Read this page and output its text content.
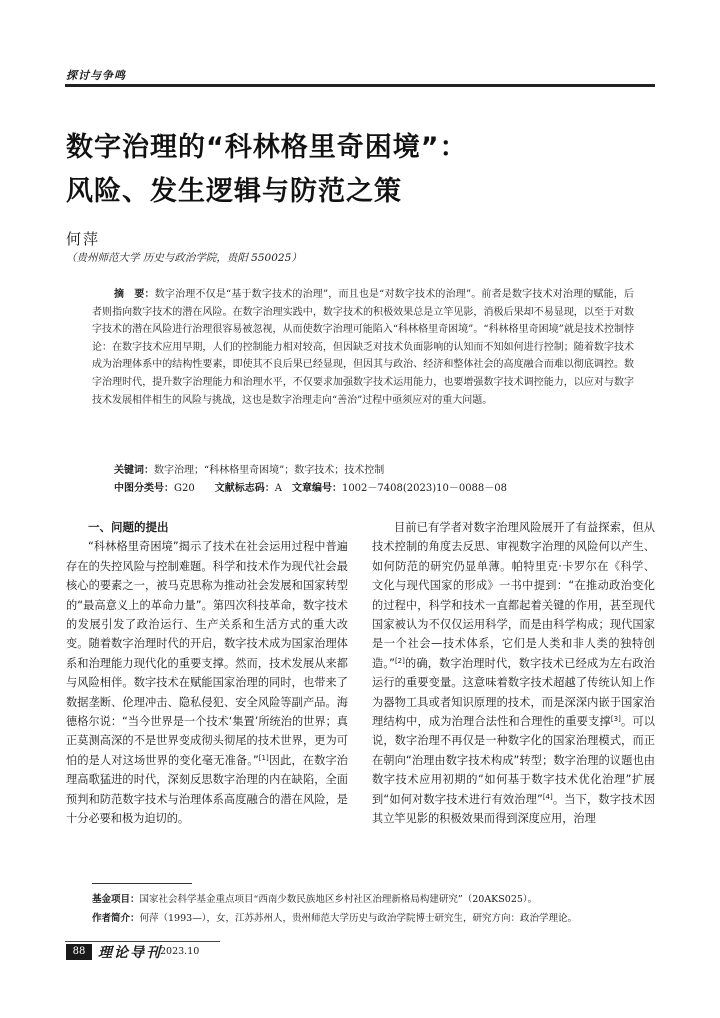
探讨与争鸣
数字治理的“科林格里奇困境”：
风险、发生逻辑与防范之策
何萍
（贵州师范大学 历史与政治学院，贵阳 550025）
摘　要：数字治理不仅是“基于数字技术的治理”，而且也是“对数字技术的治理”。前者是数字技术对治理的赋能，后者则指向数字技术的潜在风险。在数字治理实践中，数字技术的积极效果总是立竿见影，消极后果却不易显现，以至于对数字技术的潜在风险进行治理很容易被忽视，从而使数字治理可能陷入“科林格里奇困境”。“科林格里奇困境”就是技术控制悖论：在数字技术应用早期，人们的控制能力相对较高，但因缺乏对技术负面影响的认知而不知如何进行控制；随着数字技术成为治理体系中的结构性要素，即使其不良后果已经显现，但因其与政治、经济和整体社会的高度融合而难以彻底调控。数字治理时代，提升数字治理能力和治理水平，不仅要求加强数字技术运用能力，也要增强数字技术调控能力，以应对与数字技术发展相伴相生的风险与挑战，这也是数字治理走向“善治”过程中亟须应对的重大问题。
关键词：数字治理；“科林格里奇困境”；数字技术；技术控制
中图分类号：G20   文献标志码：A  文章编号：1002－7408(2023)10－0088－08

一、问题的提出

“科林格里奇困境”揭示了技术在社会运用过程中普遍存在的失控风险与控制难题。科学和技术作为现代社会最核心的要素之一，被马克思称为推动社会发展和国家转型的“最高意义上的革命力量”。第四次科技革命，数字技术的发展引发了政治运行、生产关系和生活方式的重大改变。随着数字治理时代的开启，数字技术成为国家治理体系和治理能力现代化的重要支撑。然而，技术发展从来都与风险相伴。数字技术在赋能国家治理的同时，也带来了数据垄断、伦理冲击、隐私侵犯、安全风险等副产品。海德格尔说：“当今世界是一个技术‘集置’所统治的世界；真正莫测高深的不是世界变成彻头彻尾的技术世界，更为可怕的是人对这场世界的变化毫无准备。”[1]因此，在数字治理高歌猛进的时代，深刻反思数字治理的内在缺陷，全面预判和防范数字技术与治理体系高度融合的潜在风险，是十分必要和极为迫切的。

目前已有学者对数字治理风险展开了有益探索，但从技术控制的角度去反思、审视数字治理的风险何以产生、如何防范的研究仍显单薄。帕特里克·卡罗尔在《科学、文化与现代国家的形成》一书中提到：“在推动政治变化的过程中，科学和技术一直都起着关键的作用，甚至现代国家被认为不仅仅运用科学，而是由科学构成；现代国家是一个社会—技术体系，它们是人类和非人类的独特创造。”[2]的确，数字治理时代，数字技术已经成为左右政治运行的重要变量。这意味着数字技术超越了传统认知上作为器物工具或者知识原理的技术，而是深深内嵌于国家治理结构中，成为治理合法性和合理性的重要支撑[3]。可以说，数字治理不再仅是一种数字化的国家治理模式，而正在朝向“治理由数字技术构成”转型；数字治理的议题也由数字技术应用初期的“如何基于数字技术优化治理”扩展到“如何对数字技术进行有效治理”[4]。当下，数字技术因其立竿见影的积极效果而得到深度应用，治理

基金项目：国家社会科学基金重点项目“西南少数民族地区乡村社区治理新格局构建研究”（20AKS025）。
作者简介：何萍（1993—），女，江苏苏州人，贵州师范大学历史与政治学院博士研究生，研究方向：政治学理论。
88 理论导刊
2023.10
